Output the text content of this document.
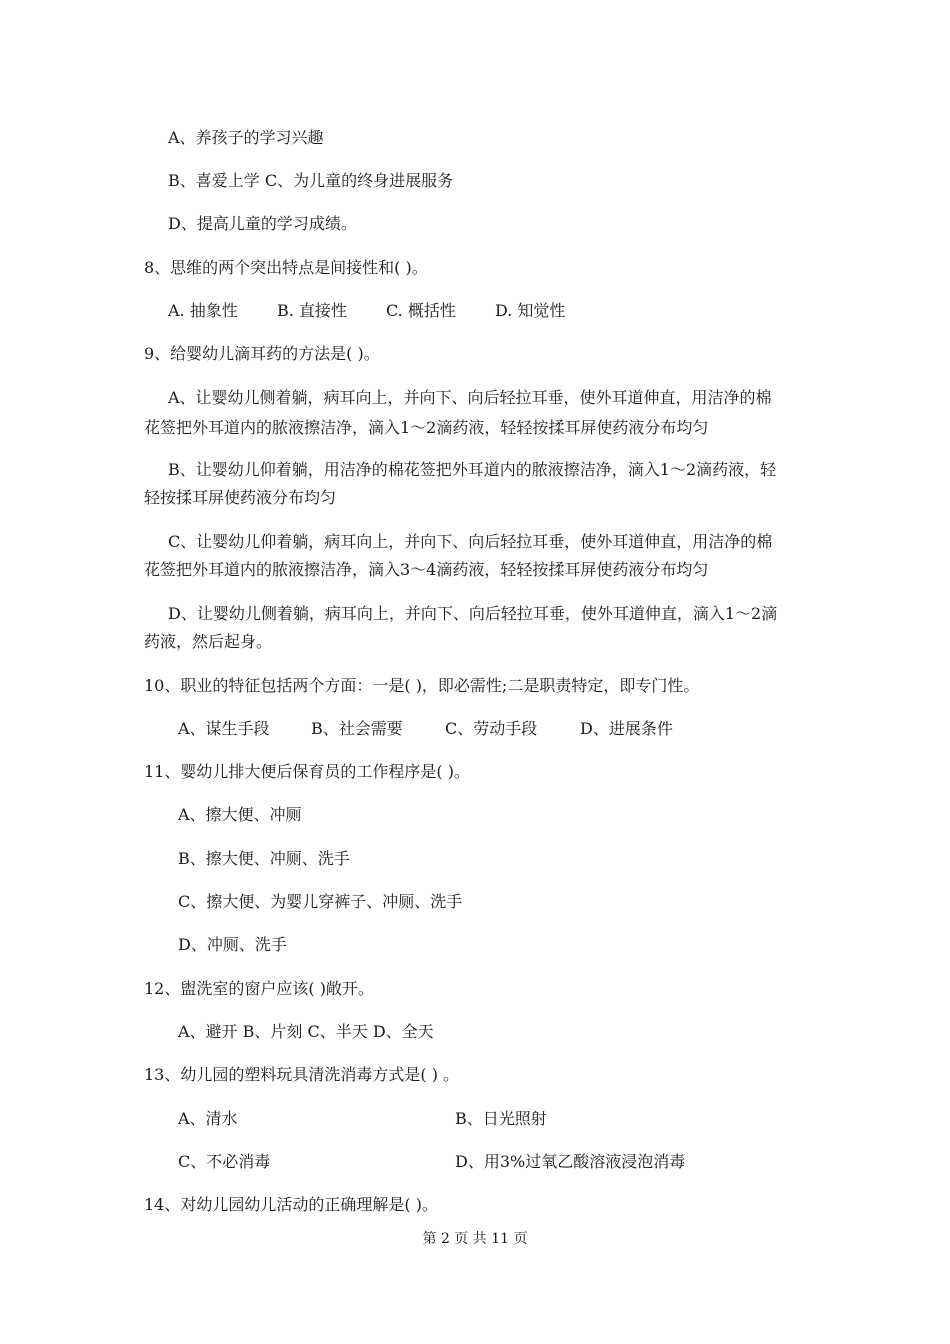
A、养孩子的学习兴趣
B、喜爱上学 C、为儿童的终身进展服务
D、提高儿童的学习成绩。
8、思维的两个突出特点是间接性和( )。
A. 抽象性 B. 直接性 C. 概括性 D. 知觉性
9、给婴幼儿滴耳药的方法是( )。
A、让婴幼儿侧着躺，病耳向上，并向下、向后轻拉耳垂，使外耳道伸直，用洁净的棉
花签把外耳道内的脓液擦洁净，滴入1～2滴药液，轻轻按揉耳屏使药液分布均匀
B、让婴幼儿仰着躺，用洁净的棉花签把外耳道内的脓液擦洁净，滴入1～2滴药液，轻
轻按揉耳屏使药液分布均匀
C、让婴幼儿仰着躺，病耳向上，并向下、向后轻拉耳垂，使外耳道伸直，用洁净的棉
花签把外耳道内的脓液擦洁净，滴入3～4滴药液，轻轻按揉耳屏使药液分布均匀
D、让婴幼儿侧着躺，病耳向上，并向下、向后轻拉耳垂，使外耳道伸直，滴入1～2滴
药液，然后起身。
10、职业的特征包括两个方面：一是( )，即必需性;二是职责特定，即专门性。
A、谋生手段	B、社会需要	C、劳动手段	D、进展条件
11、婴幼儿排大便后保育员的工作程序是( )。
A、擦大便、冲厕
B、擦大便、冲厕、洗手
C、擦大便、为婴儿穿裤子、冲厕、洗手
D、冲厕、洗手
12、盥洗室的窗户应该( )敞开。
A、避开 B、片刻 C、半天 D、全天
13、幼儿园的塑料玩具清洗消毒方式是( ) 。
A、清水	B、日光照射
C、不必消毒	D、用3%过氧乙酸溶液浸泡消毒
14、对幼儿园幼儿活动的正确理解是( )。
第 2 页 共 11 页
